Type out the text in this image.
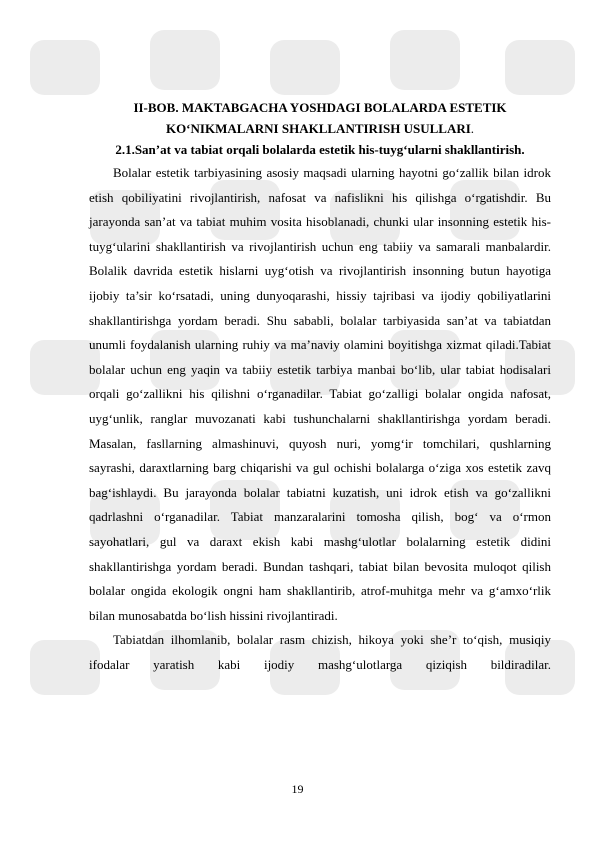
II-BOB. MAKTABGACHA YOSHDAGI BOLALARDA ESTETIK
KO‘NIKMALARNI SHAKLLANTIRISH USULLARI.

2.1.San’at va tabiat orqali bolalarda estetik his-tuyg‘ularni shakllantirish.

Bolalar estetik tarbiyasining asosiy maqsadi ularning hayotni go‘zallik bilan idrok etish qobiliyatini rivojlantirish, nafosat va nafislikni his qilishga o‘rgatishdir. Bu jarayonda san’at va tabiat muhim vosita hisoblanadi, chunki ular insonning estetik his-tuyg‘ularini shakllantirish va rivojlantirish uchun eng tabiiy va samarali manbalardir. Bolalik davrida estetik hislarni uyg‘otish va rivojlantirish insonning butun hayotiga ijobiy ta’sir ko‘rsatadi, uning dunyoqarashi, hissiy tajribasi va ijodiy qobiliyatlarini shakllantirishga yordam beradi. Shu sababli, bolalar tarbiyasida san’at va tabiatdan unumli foydalanish ularning ruhiy va ma’naviy olamini boyitishga xizmat qiladi.Tabiat bolalar uchun eng yaqin va tabiiy estetik tarbiya manbai bo‘lib, ular tabiat hodisalari orqali go‘zallikni his qilishni o‘rganadilar. Tabiat go‘zalligi bolalar ongida nafosat, uyg‘unlik, ranglar muvozanati kabi tushunchalarni shakllantirishga yordam beradi. Masalan, fasllarning almashinuvi, quyosh nuri, yomg‘ir tomchilari, qushlarning sayrashi, daraxtlarning barg chiqarishi va gul ochishi bolalarga o‘ziga xos estetik zavq bag‘ishlaydi. Bu jarayonda bolalar tabiatni kuzatish, uni idrok etish va go‘zallikni qadrlashni o‘rganadilar. Tabiat manzaralarini tomosha qilish, bog‘ va o‘rmon sayohatlari, gul va daraxt ekish kabi mashg‘ulotlar bolalarning estetik didini shakllantirishga yordam beradi. Bundan tashqari, tabiat bilan bevosita muloqot qilish bolalar ongida ekologik ongni ham shakllantirib, atrof-muhitga mehr va g‘amxo‘rlik bilan munosabatda bo‘lish hissini rivojlantiradi.

Tabiatdan ilhomlanib, bolalar rasm chizish, hikoya yoki she’r to‘qish, musiqiy ifodalar yaratish kabi ijodiy mashg‘ulotlarga qiziqish bildiradilar.

19
